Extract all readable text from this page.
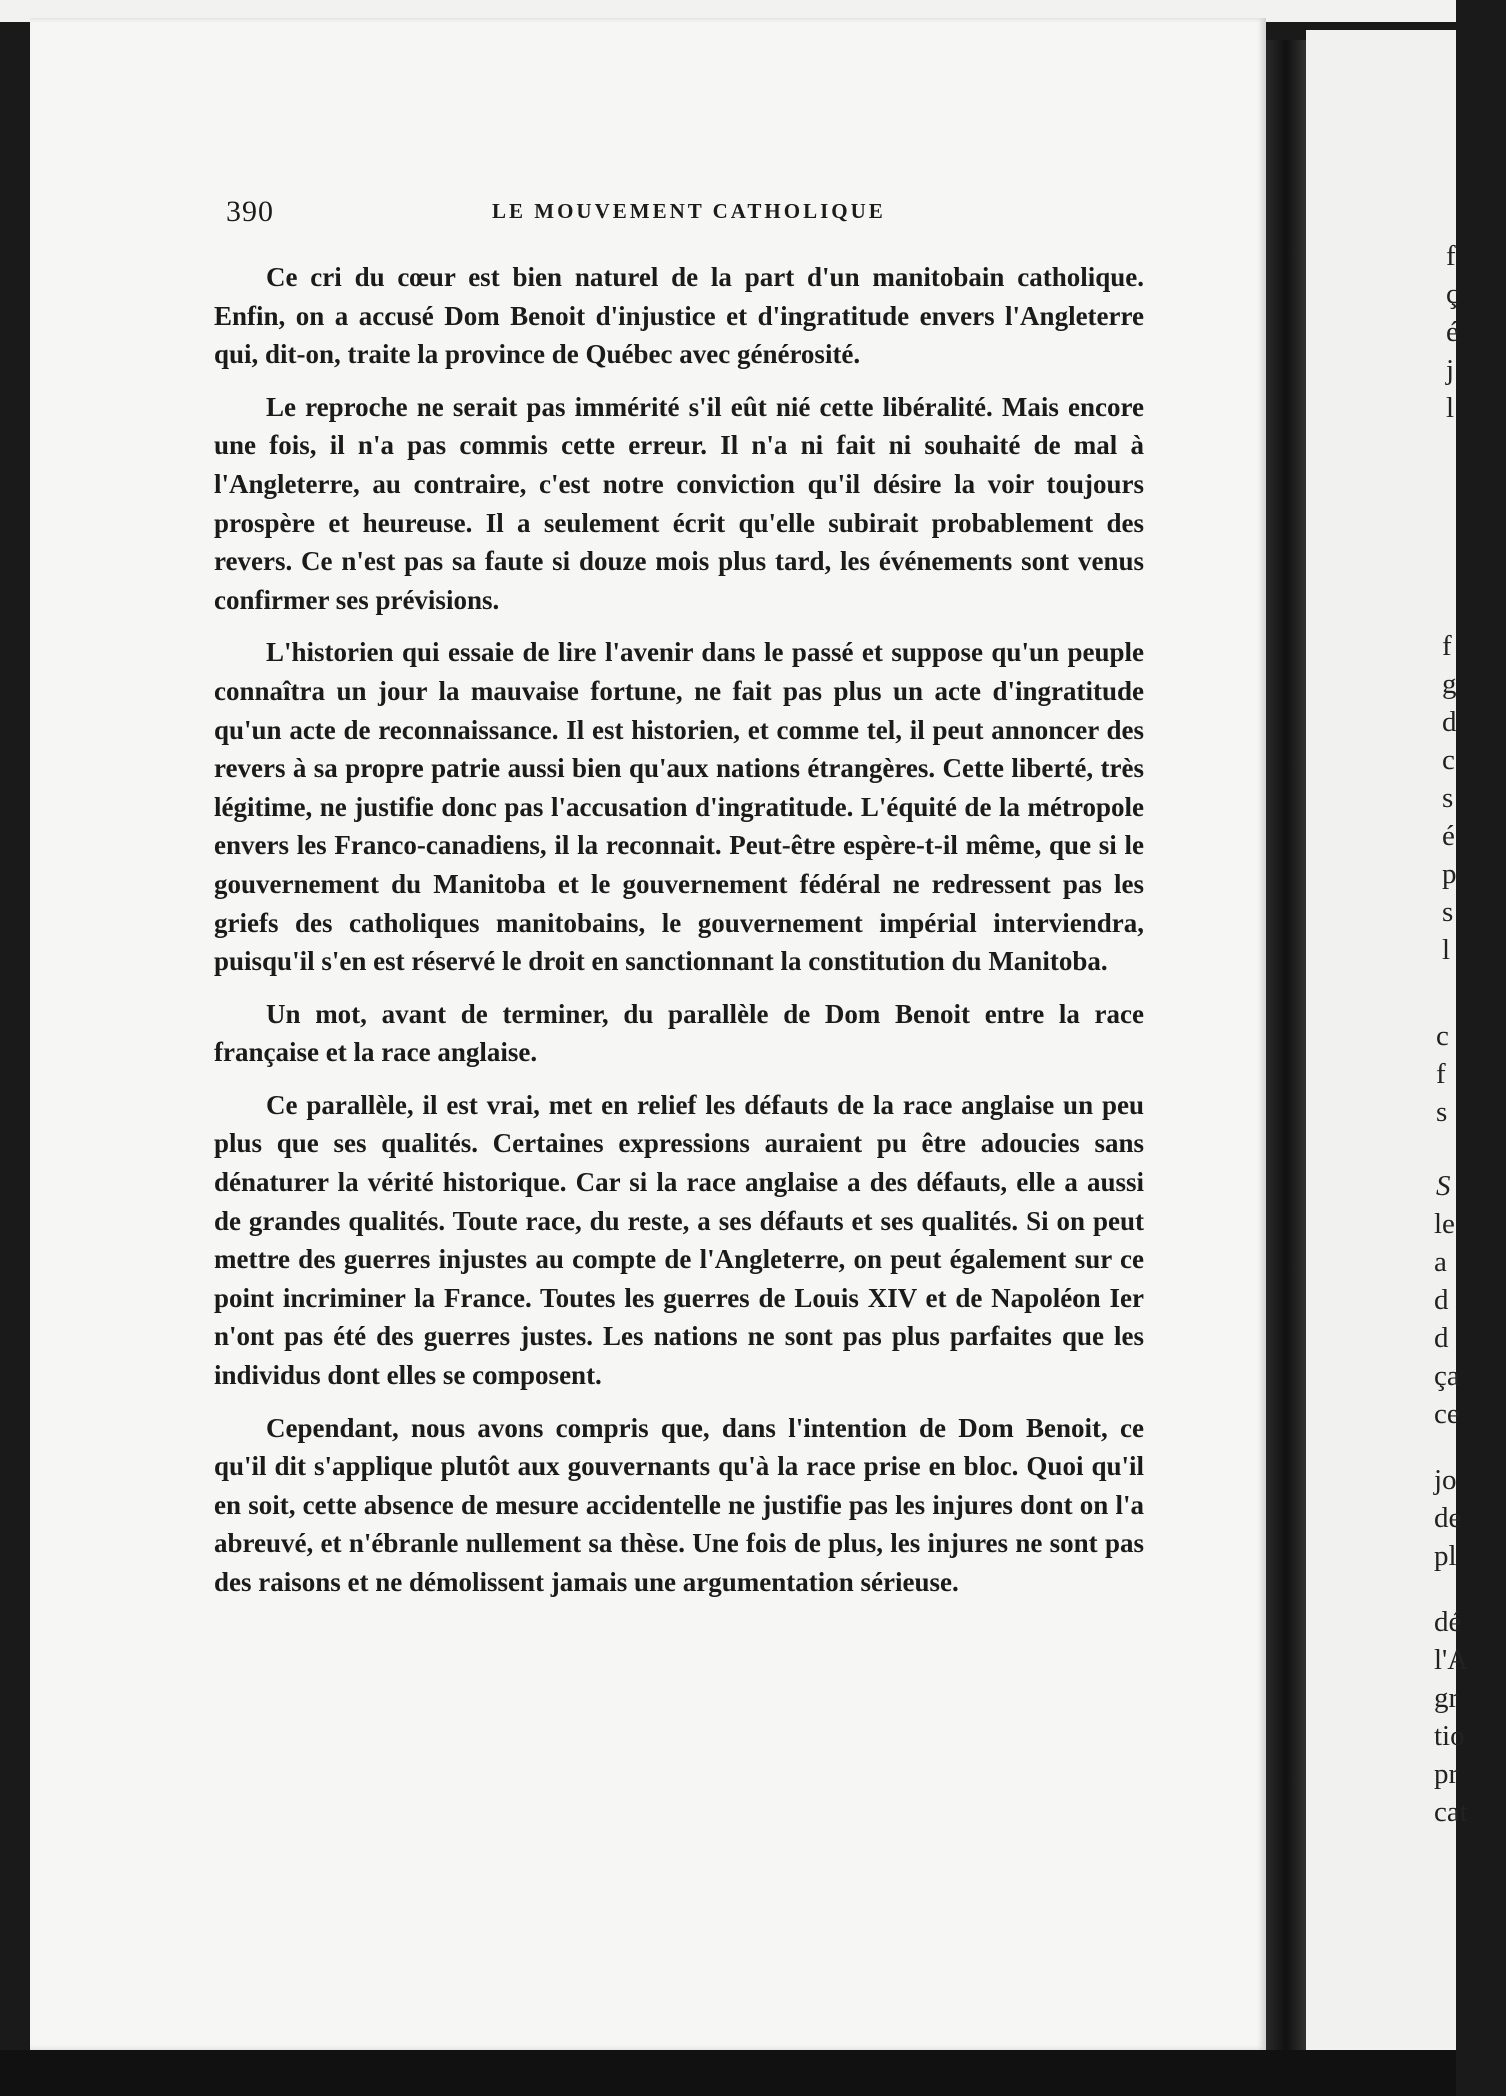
390	LE MOUVEMENT CATHOLIQUE

Ce cri du cœur est bien naturel de la part d'un manitobain catholique. Enfin, on a accusé Dom Benoit d'injustice et d'ingratitude envers l'Angleterre qui, dit-on, traite la province de Québec avec générosité.

Le reproche ne serait pas immérité s'il eût nié cette libéralité. Mais encore une fois, il n'a pas commis cette erreur. Il n'a ni fait ni souhaité de mal à l'Angleterre, au contraire, c'est notre conviction qu'il désire la voir toujours prospère et heureuse. Il a seulement écrit qu'elle subirait probablement des revers. Ce n'est pas sa faute si douze mois plus tard, les événements sont venus confirmer ses prévisions.

L'historien qui essaie de lire l'avenir dans le passé et suppose qu'un peuple connaîtra un jour la mauvaise fortune, ne fait pas plus un acte d'ingratitude qu'un acte de reconnaissance. Il est historien, et comme tel, il peut annoncer des revers à sa propre patrie aussi bien qu'aux nations étrangères. Cette liberté, très légitime, ne justifie donc pas l'accusation d'ingratitude. L'équité de la métropole envers les Franco-canadiens, il la reconnait. Peut-être espère-t-il même, que si le gouvernement du Manitoba et le gouvernement fédéral ne redressent pas les griefs des catholiques manitobains, le gouvernement impérial interviendra, puisqu'il s'en est réservé le droit en sanctionnant la constitution du Manitoba.

Un mot, avant de terminer, du parallèle de Dom Benoit entre la race française et la race anglaise.

Ce parallèle, il est vrai, met en relief les défauts de la race anglaise un peu plus que ses qualités. Certaines expressions auraient pu être adoucies sans dénaturer la vérité historique. Car si la race anglaise a des défauts, elle a aussi de grandes qualités. Toute race, du reste, a ses défauts et ses qualités. Si on peut mettre des guerres injustes au compte de l'Angleterre, on peut également sur ce point incriminer la France. Toutes les guerres de Louis XIV et de Napoléon Ier n'ont pas été des guerres justes. Les nations ne sont pas plus parfaites que les individus dont elles se composent.

Cependant, nous avons compris que, dans l'intention de Dom Benoit, ce qu'il dit s'applique plutôt aux gouvernants qu'à la race prise en bloc. Quoi qu'il en soit, cette absence de mesure accidentelle ne justifie pas les injures dont on l'a abreuvé, et n'ébranle nullement sa thèse. Une fois de plus, les injures ne sont pas des raisons et ne démolissent jamais une argumentation sérieuse.

f
ç
é
j
l
f
g
d
c
s
é
p
s
l
c
f
s
S
le
a
d
d
ça
ce
jo
de
pl
dé
l'A
gr
tio
pr
cat
